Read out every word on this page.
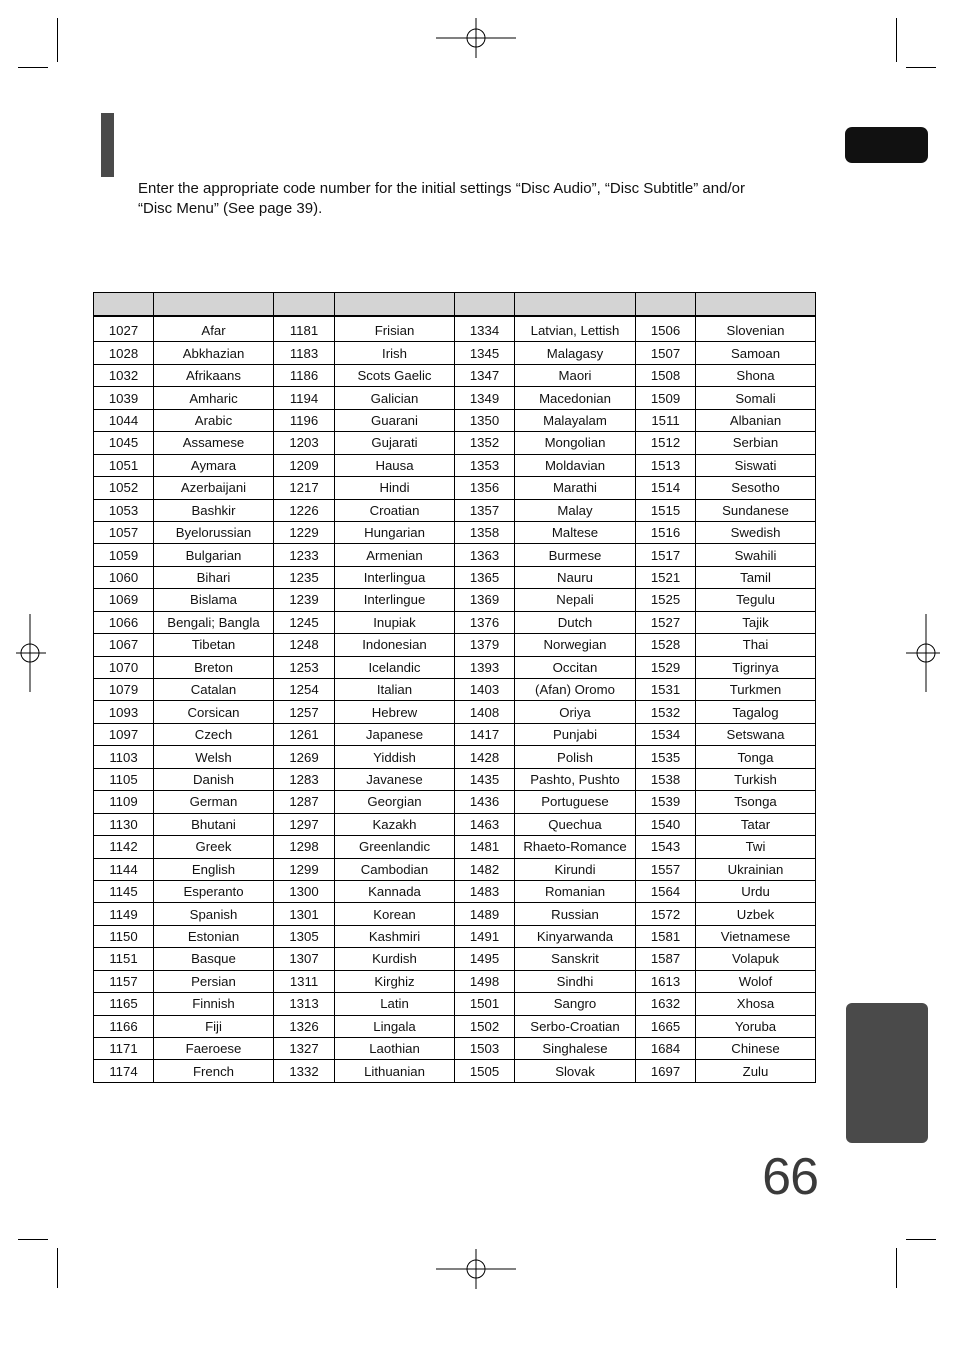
Enter the appropriate code number for the initial settings “Disc Audio”, “Disc Subtitle” and/or “Disc Menu” (See page 39).

1027	Afar	1181	Frisian	1334	Latvian, Lettish	1506	Slovenian
1028	Abkhazian	1183	Irish	1345	Malagasy	1507	Samoan
1032	Afrikaans	1186	Scots Gaelic	1347	Maori	1508	Shona
1039	Amharic	1194	Galician	1349	Macedonian	1509	Somali
1044	Arabic	1196	Guarani	1350	Malayalam	1511	Albanian
1045	Assamese	1203	Gujarati	1352	Mongolian	1512	Serbian
1051	Aymara	1209	Hausa	1353	Moldavian	1513	Siswati
1052	Azerbaijani	1217	Hindi	1356	Marathi	1514	Sesotho
1053	Bashkir	1226	Croatian	1357	Malay	1515	Sundanese
1057	Byelorussian	1229	Hungarian	1358	Maltese	1516	Swedish
1059	Bulgarian	1233	Armenian	1363	Burmese	1517	Swahili
1060	Bihari	1235	Interlingua	1365	Nauru	1521	Tamil
1069	Bislama	1239	Interlingue	1369	Nepali	1525	Tegulu
1066	Bengali; Bangla	1245	Inupiak	1376	Dutch	1527	Tajik
1067	Tibetan	1248	Indonesian	1379	Norwegian	1528	Thai
1070	Breton	1253	Icelandic	1393	Occitan	1529	Tigrinya
1079	Catalan	1254	Italian	1403	(Afan) Oromo	1531	Turkmen
1093	Corsican	1257	Hebrew	1408	Oriya	1532	Tagalog
1097	Czech	1261	Japanese	1417	Punjabi	1534	Setswana
1103	Welsh	1269	Yiddish	1428	Polish	1535	Tonga
1105	Danish	1283	Javanese	1435	Pashto, Pushto	1538	Turkish
1109	German	1287	Georgian	1436	Portuguese	1539	Tsonga
1130	Bhutani	1297	Kazakh	1463	Quechua	1540	Tatar
1142	Greek	1298	Greenlandic	1481	Rhaeto-Romance	1543	Twi
1144	English	1299	Cambodian	1482	Kirundi	1557	Ukrainian
1145	Esperanto	1300	Kannada	1483	Romanian	1564	Urdu
1149	Spanish	1301	Korean	1489	Russian	1572	Uzbek
1150	Estonian	1305	Kashmiri	1491	Kinyarwanda	1581	Vietnamese
1151	Basque	1307	Kurdish	1495	Sanskrit	1587	Volapuk
1157	Persian	1311	Kirghiz	1498	Sindhi	1613	Wolof
1165	Finnish	1313	Latin	1501	Sangro	1632	Xhosa
1166	Fiji	1326	Lingala	1502	Serbo-Croatian	1665	Yoruba
1171	Faeroese	1327	Laothian	1503	Singhalese	1684	Chinese
1174	French	1332	Lithuanian	1505	Slovak	1697	Zulu
66
